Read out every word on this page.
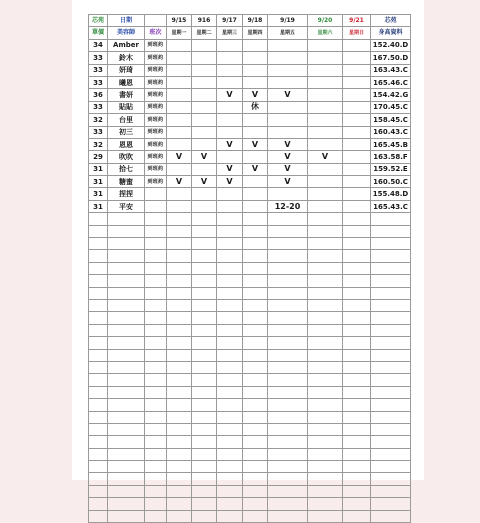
芯苑	日期		9/15	916	9/17	9/18	9/19	9/20	9/21	芯苑
單價	美容師	班次	星期一	星期二	星期三	星期四	星期五	星期六	星期日	身高資料
34	Amber	到班約								152.40.D
33	鈴木	到班約								167.50.D
33	妍琦	到班約								163.43.C
33	曦恩	到班約								165.46.C
36	書妍	到班約			V	V	V			154.42.G
33	貼貼	到班約				休				170.45.C
32	台里	到班約								158.45.C
33	初三	到班約								160.43.C
32	恩恩	到班約			V	V	V			165.45.B
29	吹吹	到班約	V	V			V	V		163.58.F
31	拾七	到班約			V	V	V			159.52.E
31	糖蜜	到班約	V	V	V		V			160.50.C
31	捏捏									155.48.D
31	平安						12-20			165.43.C
